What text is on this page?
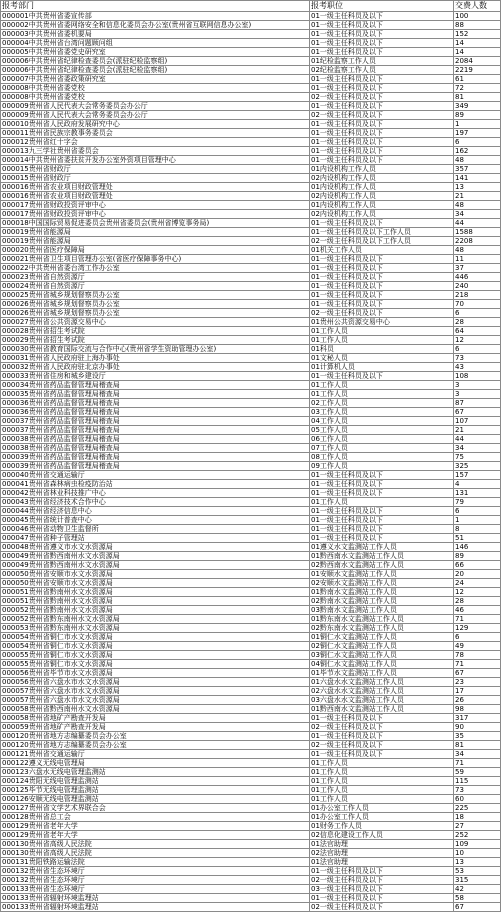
报考部门	报考职位	交费人数
000001中共贵州省委宣传部	01一级主任科员及以下	100
000002中共贵州省委网络安全和信息化委员会办公室(贵州省互联网信息办公室)	01一级主任科员及以下	88
000003中共贵州省委机要局	01一级主任科员及以下	152
000004中共贵州省台湾问题顾问组	01一级主任科员及以下	14
000005中共贵州省委党史研究室	01一级主任科员及以下	14
000006中共贵州省纪律检查委员会(派驻纪检监察组)	01纪检监察工作人员	2084
000006中共贵州省纪律检查委员会(派驻纪检监察组)	02纪检监察工作人员	2219
000007中共贵州省委政策研究室	01一级主任科员及以下	61
000008中共贵州省委党校	01一级主任科员及以下	72
000008中共贵州省委党校	02一级主任科员及以下	81
000009贵州省人民代表大会常务委员会办公厅	01一级主任科员及以下	349
000009贵州省人民代表大会常务委员会办公厅	02一级主任科员及以下	89
000010贵州省人民政府发展研究中心	01一级主任科员及以下	1
000011贵州省民族宗教事务委员会	01一级主任科员及以下	197
000012贵州省红十字会	01一级主任科员及以下	6
000013九三学社贵州省委员会	01一级主任科员及以下	162
000014中共贵州省委扶贫开发办公室外资项目管理中心	01一级主任科员及以下	48
000015贵州省财政厅	01内设机构工作人员	357
000015贵州省财政厅	02内设机构工作人员	141
000016贵州省农业项目财政管理处	01内设机构工作人员	13
000016贵州省农业项目财政管理处	02内设机构工作人员	21
000017贵州省财政投资评审中心	01内设机构工作人员	48
000017贵州省财政投资评审中心	02内设机构工作人员	34
000018中国国际贸易促进委员会贵州省委员会(贵州省博览事务局)	01一级主任科员及以下	44
000019贵州省能源局	01一级主任科员及以下工作人员	1588
000019贵州省能源局	02一级主任科员及以下工作人员	2208
000020贵州省医疗保障局	01机关工作人员	48
000021贵州省卫生项目管理办公室(省医疗保障事务中心)	01一级主任科员及以下	11
000022中共贵州省委台湾工作办公室	01一级主任科员及以下	37
000023贵州省自然资源厅	01一级主任科员及以下	446
000024贵州省自然资源厅	01一级主任科员及以下	240
000025贵州省城乡规划督察员办公室	01一级主任科员及以下	218
000026贵州省城乡规划督察员办公室	01一级主任科员及以下	70
000026贵州省城乡规划督察员办公室	02一级主任科员及以下	6
000027贵州省公共资源交易中心	01贵州公共资源交易中心	28
000028贵州省招生考试院	01工作人员	64
000029贵州省招生考试院	01工作人员	12
000030贵州省教育国际交流与合作中心(贵州省学生资助管理办公室)	01科员	6
000031贵州省人民政府驻上海办事处	01文秘人员	73
000032贵州省人民政府驻北京办事处	01计算机人员	43
000033贵州省住房和城乡建设厅	01一级主任科员及以下	108
000034贵州省药品监督管理局稽查局	01工作人员	3
000035贵州省药品监督管理局稽查局	01工作人员	3
000036贵州省药品监督管理局稽查局	02工作人员	87
000036贵州省药品监督管理局稽查局	03工作人员	67
000037贵州省药品监督管理局稽查局	04工作人员	107
000037贵州省药品监督管理局稽查局	05工作人员	21
000038贵州省药品监督管理局稽查局	06工作人员	44
000038贵州省药品监督管理局稽查局	07工作人员	34
000039贵州省药品监督管理局稽查局	08工作人员	75
000039贵州省药品监督管理局稽查局	09工作人员	325
000040贵州省交通运输厅	01一级主任科员及以下	157
000041贵州省森林病虫检疫防治站	01一级主任科员及以下	4
000042贵州省林业科技推广中心	01一级主任科员及以下	131
000043贵州省经济技术合作中心	01工作人员	79
000044贵州省经济信息中心	01一级主任科员及以下	6
000045贵州省统计普查中心	01一级主任科员及以下	1
000046贵州省动物卫生监督所	01一级主任科员及以下	8
000047贵州省种子管理站	01一级主任科员及以下	51
000048贵州省遵义市水文水资源局	01遵义水文监测站工作人员	146
000049贵州省黔西南州水文水资源局	01黔西南水文监测站工作人员	89
000049贵州省黔西南州水文水资源局	02黔西南水文监测站工作人员	66
000050贵州省安顺市水文水资源局	01安顺水文监测站工作人员	20
000050贵州省安顺市水文水资源局	02安顺水文监测站工作人员	24
000051贵州省黔南州水文水资源局	01黔南水文监测站工作人员	12
000051贵州省黔南州水文水资源局	02黔南水文监测站工作人员	28
000052贵州省黔南州水文水资源局	03黔南水文监测站工作人员	46
000052贵州省黔东南州水文水资源局	01黔东南水文监测站工作人员	71
000053贵州省黔东南州水文水资源局	02黔东南水文监测站工作人员	129
000054贵州省铜仁市水文水资源局	01铜仁水文监测站工作人员	6
000054贵州省铜仁市水文水资源局	02铜仁水文监测站工作人员	49
000055贵州省铜仁市水文水资源局	03铜仁水文监测站工作人员	78
000055贵州省铜仁市水文水资源局	04铜仁水文监测站工作人员	71
000056贵州省毕节市水文水资源局	01毕节水文监测站工作人员	67
000056贵州省六盘水市水文水资源局	01六盘水水文监测站工作人员	23
000057贵州省六盘水市水文水资源局	02六盘水水文监测站工作人员	17
000057贵州省六盘水市水文水资源局	03六盘水水文监测站工作人员	26
000058贵州省黔西南州水文水资源局	01黔西南水文监测站工作人员	98
000058贵州省地矿产勘查开发局	01一级主任科员及以下	317
000059贵州省地矿产勘查开发局	02一级主任科员及以下	90
000120贵州省地方志编纂委员会办公室	01一级主任科员及以下	35
000120贵州省地方志编纂委员会办公室	02一级主任科员及以下	81
000121贵州省交通运输厅	01一级主任科员及以下	34
000122遵义无线电管理局	01工作人员	71
000123六盘水无线电管理监测站	01工作人员	59
000124贵阳无线电管理监测站	01工作人员	115
000125毕节无线电管理监测站	01工作人员	73
000126安顺无线电管理监测站	01工作人员	60
000127贵州省文学艺术界联合会	01办公室工作人员	225
000128贵州省总工会	01办公室工作人员	18
000129贵州省老年大学	01财务工作人员	27
000129贵州省老年大学	02信息化建设工作人员	252
000130贵州省高级人民法院	01法官助理	109
000130贵州省高级人民法院	02法官助理	10
000131贵阳铁路运输法院	01法官助理	13
000132贵州省生态环境厅	01一级主任科员及以下	53
000132贵州省生态环境厅	02一级主任科员及以下	315
000133贵州省生态环境厅	03一级主任科员及以下	42
000133贵州省辐射环境监理站	01一级主任科员及以下	58
000133贵州省辐射环境监理站	02一级主任科员及以下	67
